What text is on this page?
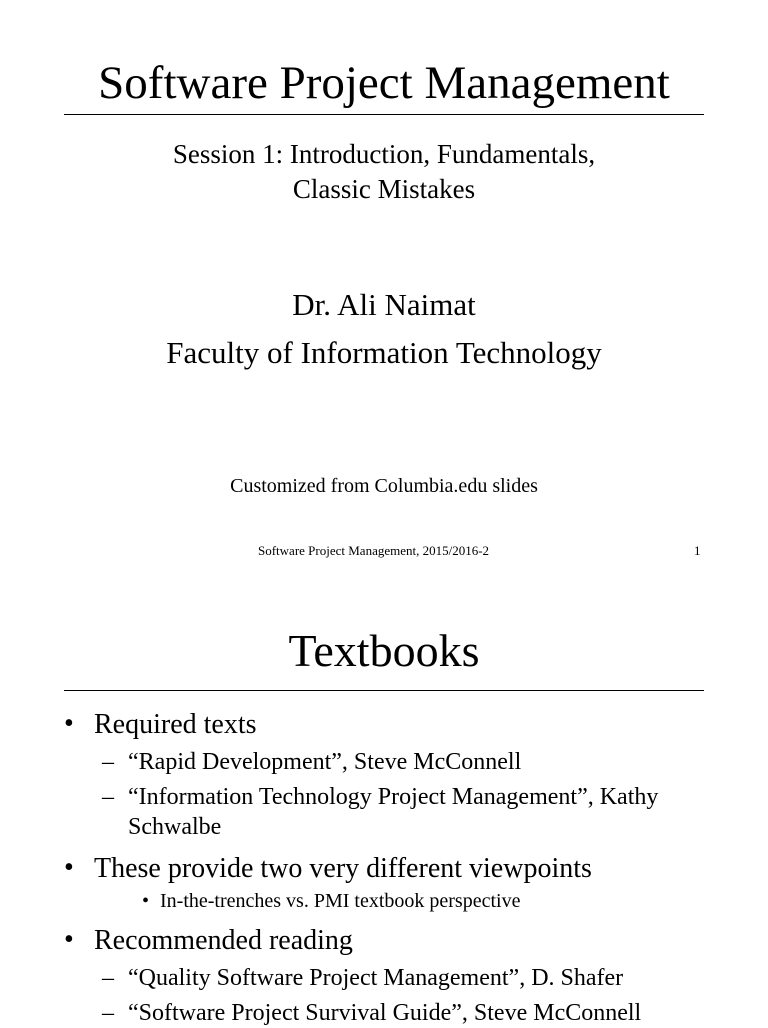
Software Project Management
Session 1: Introduction, Fundamentals,
Classic Mistakes
Dr. Ali Naimat
Faculty of Information Technology
Customized from Columbia.edu slides
Software Project Management, 2015/2016-2	1
Textbooks
• Required texts
– “Rapid Development”, Steve McConnell
– “Information Technology Project Management”, Kathy Schwalbe
• These provide two very different viewpoints
• In-the-trenches vs. PMI textbook perspective
• Recommended reading
– “Quality Software Project Management”, D. Shafer
– “Software Project Survival Guide”, Steve McConnell
